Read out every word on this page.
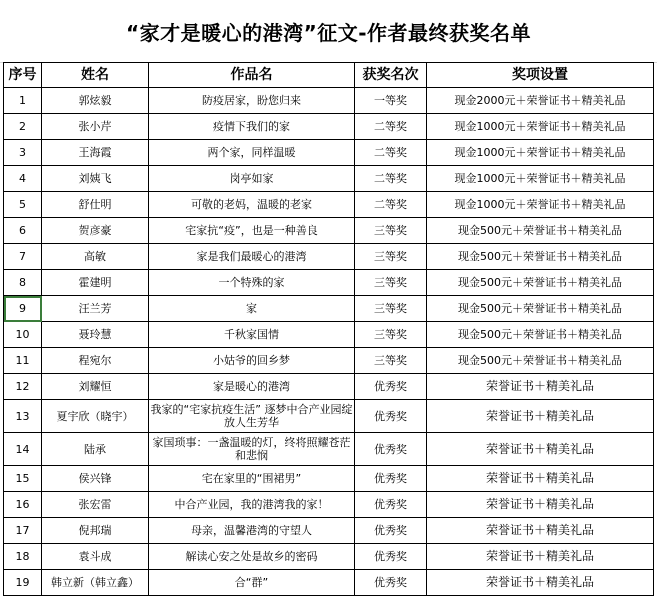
“家才是暖心的港湾”征文-作者最终获奖名单
序号	姓名	作品名	获奖名次	奖项设置
1	郭炫毅	防疫居家，盼您归来	一等奖	现金2000元＋荣誉证书＋精美礼品
2	张小芹	疫情下我们的家	二等奖	现金1000元＋荣誉证书＋精美礼品
3	王海霞	两个家，同样温暖	二等奖	现金1000元＋荣誉证书＋精美礼品
4	刘姨飞	岗亭如家	二等奖	现金1000元＋荣誉证书＋精美礼品
5	舒仕明	可敬的老妈，温暖的老家	二等奖	现金1000元＋荣誉证书＋精美礼品
6	贺彦豪	宅家抗“疫”，也是一种善良	三等奖	现金500元＋荣誉证书＋精美礼品
7	高敏	家是我们最暖心的港湾	三等奖	现金500元＋荣誉证书＋精美礼品
8	霍建明	一个特殊的家	三等奖	现金500元＋荣誉证书＋精美礼品
9	汪兰芳	家	三等奖	现金500元＋荣誉证书＋精美礼品
10	聂玲慧	千秋家国情	三等奖	现金500元＋荣誉证书＋精美礼品
11	程宛尔	小姑爷的回乡梦	三等奖	现金500元＋荣誉证书＋精美礼品
12	刘耀恒	家是暖心的港湾	优秀奖	荣誉证书＋精美礼品
13	夏宇欣（晓宇）	我家的“宅家抗疫生活” 逐梦中合产业园绽放人生芳华	优秀奖	荣誉证书＋精美礼品
14	陆承	家国琐事：一盏温暖的灯，终将照耀苍茫和悲悯	优秀奖	荣誉证书＋精美礼品
15	侯兴锋	宅在家里的“围裙男”	优秀奖	荣誉证书＋精美礼品
16	张宏雷	中合产业园，我的港湾我的家！	优秀奖	荣誉证书＋精美礼品
17	倪邦瑞	母亲，温馨港湾的守望人	优秀奖	荣誉证书＋精美礼品
18	袁斗成	解读心安之处是故乡的密码	优秀奖	荣誉证书＋精美礼品
19	韩立新（韩立鑫）	合“群”	优秀奖	荣誉证书＋精美礼品
